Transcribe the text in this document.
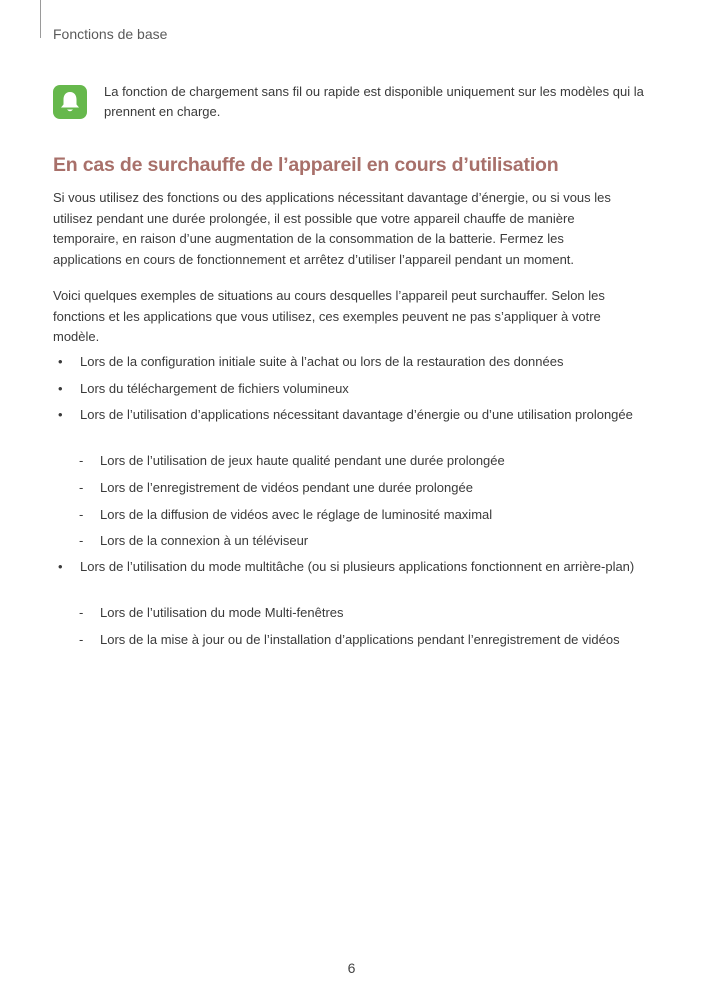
Fonctions de base
La fonction de chargement sans fil ou rapide est disponible uniquement sur les modèles qui la prennent en charge.
En cas de surchauffe de l’appareil en cours d’utilisation

Si vous utilisez des fonctions ou des applications nécessitant davantage d’énergie, ou si vous les utilisez pendant une durée prolongée, il est possible que votre appareil chauffe de manière temporaire, en raison d’une augmentation de la consommation de la batterie. Fermez les applications en cours de fonctionnement et arrêtez d’utiliser l’appareil pendant un moment.

Voici quelques exemples de situations au cours desquelles l’appareil peut surchauffer. Selon les fonctions et les applications que vous utilisez, ces exemples peuvent ne pas s’appliquer à votre modèle.

• Lors de la configuration initiale suite à l’achat ou lors de la restauration des données
• Lors du téléchargement de fichiers volumineux
• Lors de l’utilisation d’applications nécessitant davantage d’énergie ou d’une utilisation prolongée
- Lors de l’utilisation de jeux haute qualité pendant une durée prolongée
- Lors de l’enregistrement de vidéos pendant une durée prolongée
- Lors de la diffusion de vidéos avec le réglage de luminosité maximal
- Lors de la connexion à un téléviseur
• Lors de l’utilisation du mode multitâche (ou si plusieurs applications fonctionnent en arrière-plan)
- Lors de l’utilisation du mode Multi-fenêtres
- Lors de la mise à jour ou de l’installation d’applications pendant l’enregistrement de vidéos
6
